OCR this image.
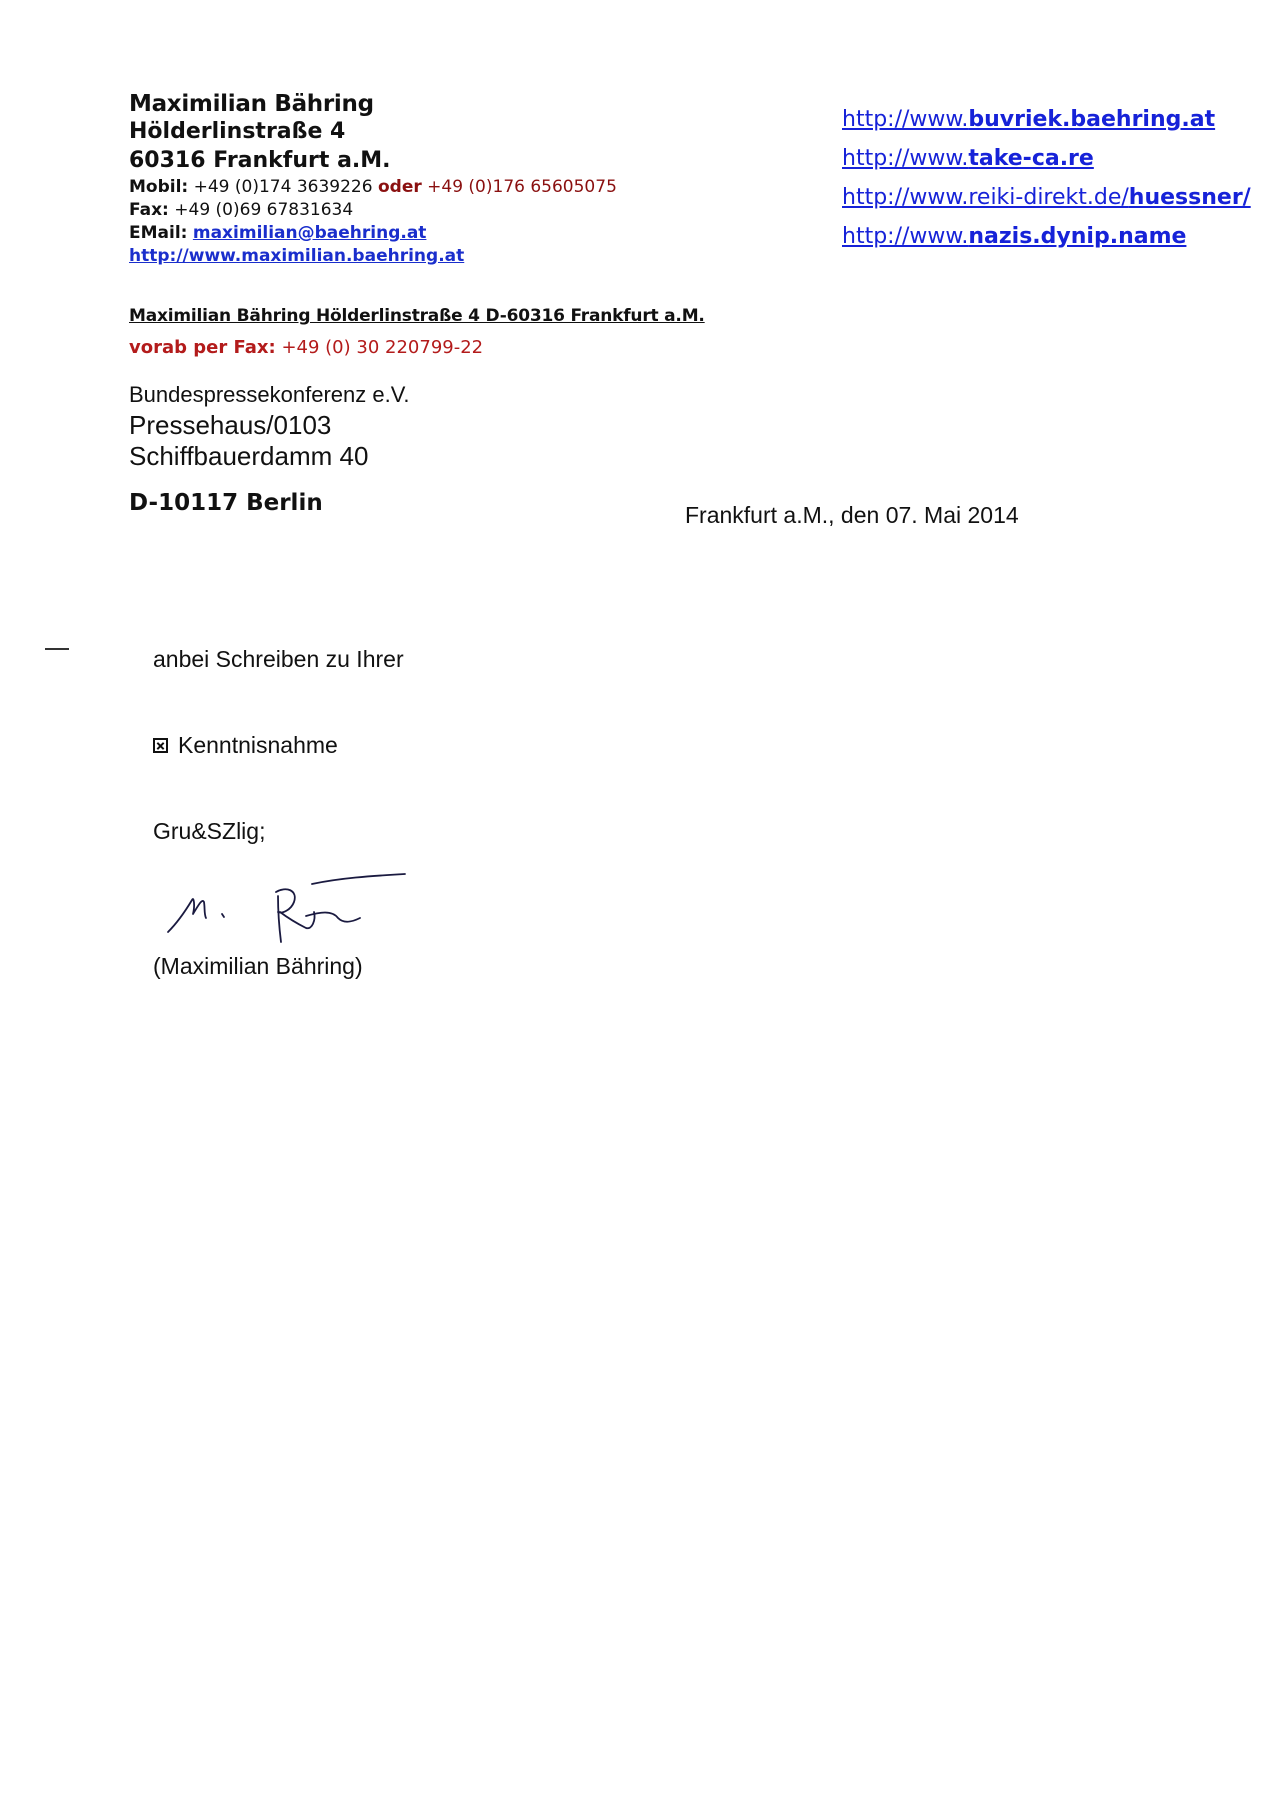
Maximilian Bähring
Hölderlinstraße 4
60316 Frankfurt a.M.
Mobil: +49 (0)174 3639226 oder +49 (0)176 65605075
Fax: +49 (0)69 67831634
EMail: maximilian@baehring.at
http://www.maximilian.baehring.at
http://www.buvriek.baehring.at
http://www.take-ca.re
http://www.reiki-direkt.de/huessner/
http://www.nazis.dynip.name
Maximilian Bähring Hölderlinstraße 4 D-60316 Frankfurt a.M.
vorab per Fax: +49 (0) 30 220799-22
Bundespressekonferenz e.V.
Pressehaus/0103
Schiffbauerdamm 40
D-10117 Berlin	Frankfurt a.M., den 07. Mai 2014
anbei Schreiben zu Ihrer
Kenntnisnahme
Gru&SZlig;
(Maximilian Bähring)
